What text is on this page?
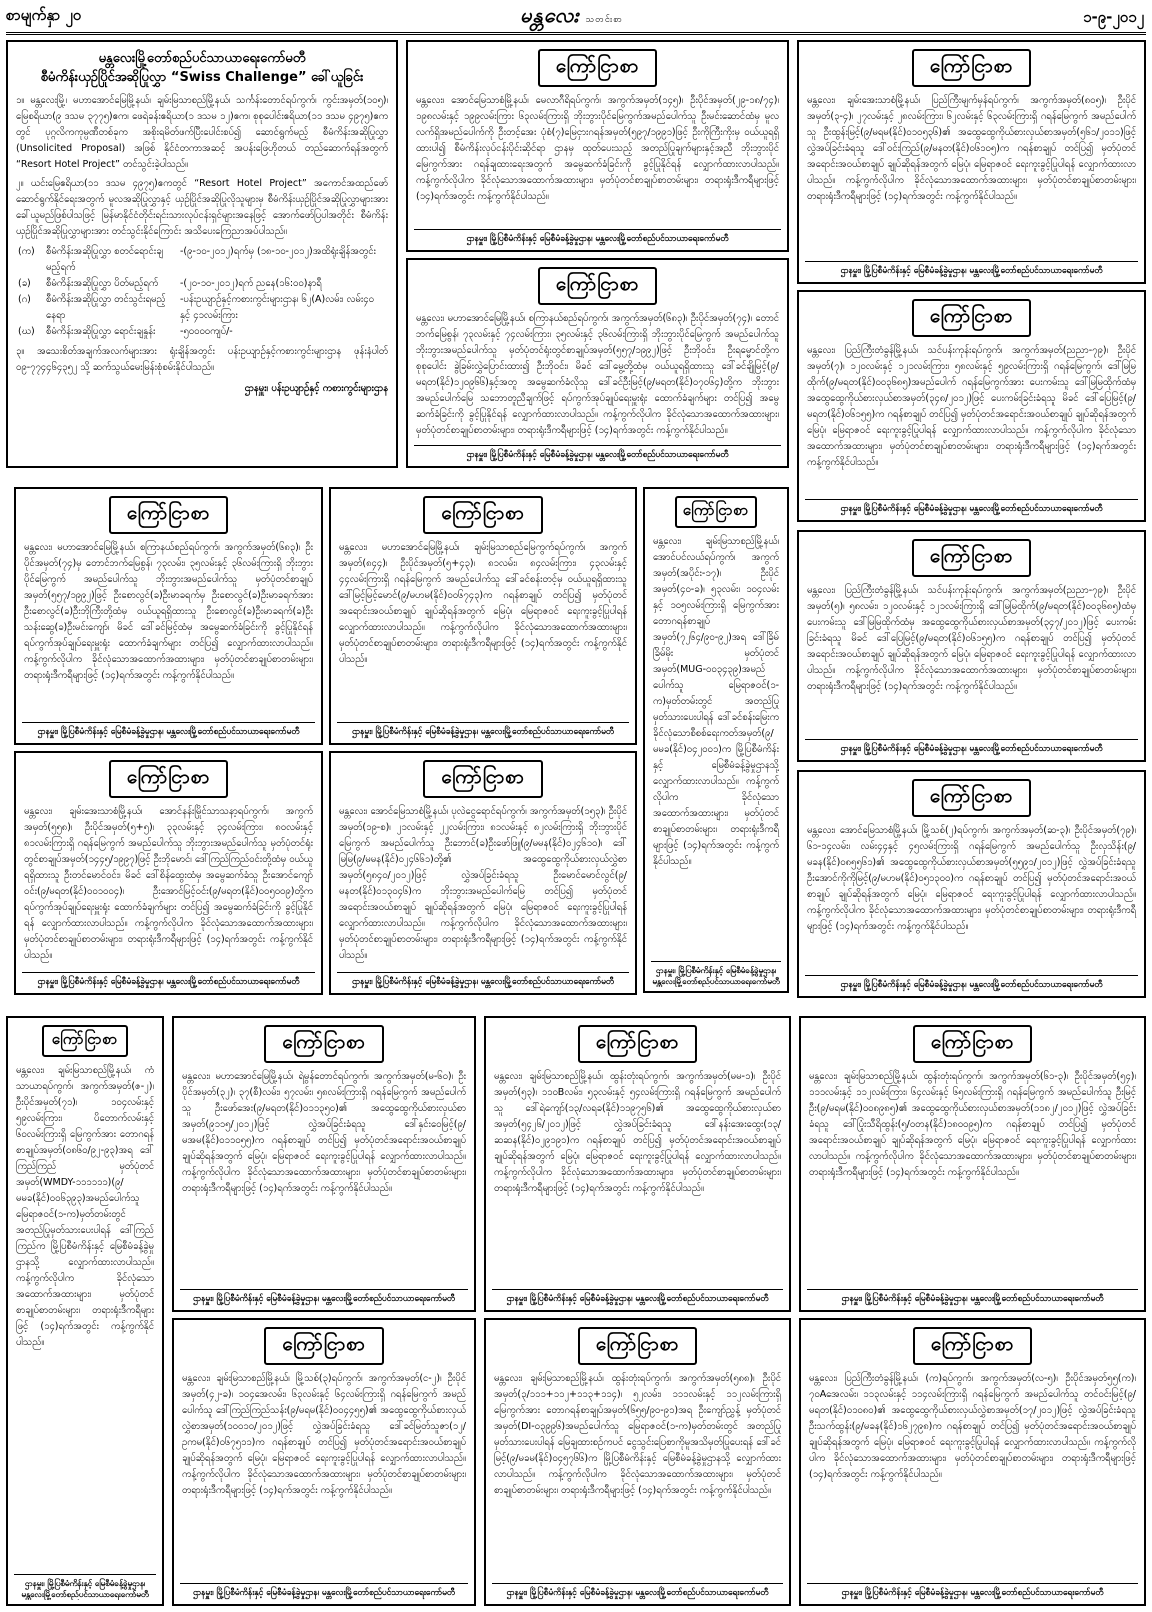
စာမျက်နှာ ၂၀	မန္တလေး သတင်းစာ	၁-၉-၂၀၁၂
မန္တလေးမြို့တော်စည်ပင်သာယာရေးကော်မတီ
စီမံကိန်းယှဉ်ပြိုင်အဆိုပြုလွှာ “Swiss Challenge” ခေါ်ယူခြင်း

၁။ မန္တလေးမြို့၊ မဟာအောင်မြေမြို့နယ်၊ ချမ်းမြသာစည်မြို့နယ်၊ သင်္ကန်းတောင်ရပ်ကွက်၊ ကွင်းအမှတ်(၁၀၅)၊ မြေစရိယာ(၉ ဒသမ ၃၇၇၅)ဧက၊ ဖေရဲခန်းဧရိယာ(၁ ဒသမ ၁၂)ဧက၊ စုစုပေါင်းဧရိယာ(၁၁ ဒသမ ၄၉၇၅)ဧကတွင် ပုဂ္ဂလိကကုမ္ပဏီတစ်ခုက အစိုးရမိတ်ဖက်ပြီးပေါင်းစပ်၍ ဆောင်ရွက်မည့် စီမံကိန်းအဆိုပြုလွှာ (Unsolicited Proposal) အဖြစ် နိုင်ငံတကာအဆင့် အပန်းဖြေဟိုတယ် တည်ဆောက်ရန်အတွက် “Resort Hotel Project” တင်သွင်းခဲ့ပါသည်။

၂။ ယင်းမြေဧရိယာ(၁၁ ဒသမ ၄၉၇၅)ဧကတွင် “Resort Hotel Project” အကောင်အထည်ဖော်ဆောင်ရွက်နိုင်ရေးအတွက် မူလအဆိုပြုလွှာနှင့် ယှဉ်ပြိုင်အဆိုပြုလိုသူများမှ စီမံကိန်းယှဉ်ပြိုင်အဆိုပြုလွှာများအား ခေါ်ယူမည်ဖြစ်ပါသဖြင့် မြန်မာနိုင်ငံတိုင်းရင်းသားလုပ်ငန်းရှင်များအနေဖြင့် အောက်ဖော်ပြပါအတိုင်း စီမံကိန်းယှဉ်ပြိုင်အဆိုပြုလွှာများအား တင်သွင်းနိုင်ကြောင်း အသိပေးကြေညာအပ်ပါသည်။

(က)	စီမံကိန်းအဆိုပြုလွှာ စတင်ရောင်းချမည့်ရက်	-(၉-၁၀-၂၀၁၂)ရက်မှ (၁၈-၁၀-၂၀၁၂)အထိရုံးချိန်အတွင်း
(ခ)	စီမံကိန်းအဆိုပြုလွှာ ပိတ်မည့်ရက်	-(၂၀-၁၀-၂၀၁၂)ရက် ညနေ(၁၆:၀၀)နာရီ
(ဂ)	စီမံကိန်းအဆိုပြုလွှာ တင်သွင်းရမည့်နေရာ	-ပန်းဥယျာဉ်နှင့်ကစားကွင်းများဌာန၊ ၆၂(A)လမ်း၊ လမ်း၄၀ နှင့် ၄၁လမ်းကြား
(ဃ)	စီမံကိန်းအဆိုပြုလွှာ ရောင်းချနှုန်း	-၅၀၀၀၀ကျပ်/-

၃။ အသေးစိတ်အချက်အလက်များအား ရုံးချိန်အတွင်း ပန်းဥယျာဉ်နှင့်ကစားကွင်းများဌာန ဖုန်းနံပါတ် ၀၉-၇၇၄၄၆၄၃၅၂ သို့ ဆက်သွယ်မေးမြန်းစုံစမ်းနိုင်ပါသည်။

ဌာနမှူး၊ ပန်းဥယျာဉ်နှင့် ကစားကွင်းများဌာန
ကြော်ငြာစာ

မန္တလေး၊ အောင်မြေသာစံမြို့နယ်၊ မေလာဂီရိရပ်ကွက်၊ အကွက်အမှတ်(၁၄၅)၊ ဦးပိုင်အမှတ်(၂၉-၁၈/၇၄)၊ ၁၉၈လမ်းနှင့် ၁၉၉လမ်းကြား ၆၃လမ်းကြားရှိ ဘိုးဘွားပိုင်မြေကွက်အမည်ပေါက်သူ ဦးမင်းဆောင်ထံမှ မူလလက်ရှိအမည်ပေါက်ကို ဦးတင့်အေး ပုံစံ(၇)မြေငှားဂရန်အမှတ်(၅၉၇/၁၉၉၁)ဖြင့် ဦးကိုကြီးကိုးမှ ဝယ်ယူရရှိထားပါ၍ စီမံကိန်းလုပ်ငန်းပိုင်းဆိုင်ရာ ဌာနမှ ထုတ်ပေးသည့် အတည်ပြုချက်များနှင့်အညီ ဘိုးဘွားပိုင်မြေကွက်အား ဂရန်ချထားရေးအတွက် အမွေဆက်ခံခြင်းကို ခွင့်ပြုနိုင်ရန် လျှောက်ထားလာပါသည်။ ကန့်ကွက်လိုပါက ခိုင်လုံသောအထောက်အထားများ၊ မှတ်ပုံတင်စာချုပ်စာတမ်းများ၊ တရားရုံးဒီကရီများဖြင့် (၁၄)ရက်အတွင်း ကန့်ကွက်နိုင်ပါသည်။

ဌာနမှူး၊ မြို့ပြစီမံကိန်းနှင့် မြေစီမံခန့်ခွဲမှုဌာန၊ မန္တလေးမြို့တော်စည်ပင်သာယာရေးကော်မတီ
ကြော်ငြာစာ

မန္တလေး၊ ချမ်းအေးသာစံမြို့နယ်၊ ပြည်ကြီးမျက်မှန်ရပ်ကွက်၊ အကွက်အမှတ်(၈၀၅)၊ ဦးပိုင်အမှတ်(၃-၄)၊ ၂၇လမ်းနှင့် ၂၈လမ်းကြား၊ ၆၂လမ်းနှင့် ၆၃လမ်းကြားရှိ ဂရန်မြေကွက် အမည်ပေါက်သူ ဦးထွန်းမြင့်(၉/မရမ(နိုင်)၀၁၀၅၃၆)၏ အထွေထွေကိုယ်စားလှယ်စာအမှတ်(၅၆၁/၂၀၁၁)ဖြင့် လွှဲအပ်ခြင်းခံရသူ ဒေါ်ဝင်းကြည်(၉/မနတ(နိုင်)၀၆၁၀၅)က ဂရန်စာချုပ် တင်ပြ၍ မှတ်ပုံတင်အရောင်းအဝယ်စာချုပ် ချုပ်ဆိုရန်အတွက် မြေပုံ၊ မြေရာဇဝင် ရေးကူးခွင့်ပြုပါရန် လျှောက်ထားလာပါသည်။ ကန့်ကွက်လိုပါက ခိုင်လုံသောအထောက်အထားများ၊ မှတ်ပုံတင်စာချုပ်စာတမ်းများ၊ တရားရုံးဒီကရီများဖြင့် (၁၄)ရက်အတွင်း ကန့်ကွက်နိုင်ပါသည်။

ဌာနမှူး၊ မြို့ပြစီမံကိန်းနှင့် မြေစီမံခန့်ခွဲမှုဌာန၊ မန္တလေးမြို့တော်စည်ပင်သာယာရေးကော်မတီ
ကြော်ငြာစာ

မန္တလေး၊ မဟာအောင်မြေမြို့နယ်၊ စကြာနယ်စည်ရပ်ကွက်၊ အကွက်အမှတ်(၆၈၃)၊ ဦးပိုင်အမှတ်(၇၄)၊ တောင်ဘက်မြေစွန်၊ ၇၃လမ်းနှင့် ၇၄လမ်းကြား၊ ၃၅လမ်းနှင့် ၃၆လမ်းကြားရှိ ဘိုးဘွားပိုင်မြေကွက် အမည်ပေါက်သူ ဘိုးဘွားအမည်ပေါက်သူ မှတ်ပုံတင်ရုံးတွင်စာချုပ်အမှတ်(၅၅၇/၁၉၉၂)ဖြင့် ဦးဘိုဝင်း၊ ဦးရမ္မောင်တို့က စုစုပေါင်း ခွဲခြမ်းလွှဲပြောင်းထား၍ ဦးဘိုဝင်း၊ မိခင် ဒေါ်မွေ့တို့ထံမှ ဝယ်ယူရရှိထားသူ ဒေါ်ခင်ချိုမြင့်(၉/မရတ(နိုင်)၁၂၀၉၆၆)နှင့်အတူ အမွေဆက်ခံလိုသူ ဒေါ်ခင်ဦးမြင့်(၉/မရတ(နိုင်)၀၇၀၆၄)တို့က ဘိုးဘွားအမည်ပေါက်မြေ သဘောတူညီချက်ဖြင့် ရပ်ကွက်အုပ်ချုပ်ရေးမှူးရုံး ထောက်ခံချက်များ တင်ပြ၍ အမွေဆက်ခံခြင်းကို ခွင့်ပြုနိုင်ရန် လျှောက်ထားလာပါသည်။ ကန့်ကွက်လိုပါက ခိုင်လုံသောအထောက်အထားများ၊ မှတ်ပုံတင်စာချုပ်စာတမ်းများ၊ တရားရုံးဒီကရီများဖြင့် (၁၄)ရက်အတွင်း ကန့်ကွက်နိုင်ပါသည်။

ဌာနမှူး၊ မြို့ပြစီမံကိန်းနှင့် မြေစီမံခန့်ခွဲမှုဌာန၊ မန္တလေးမြို့တော်စည်ပင်သာယာရေးကော်မတီ
ကြော်ငြာစာ

မန္တလေး၊ ပြည်ကြီးတံခွန်မြို့နယ်၊ သင်ပန်းကုန်းရပ်ကွက်၊ အကွက်အမှတ်(ညညာ-၇၉)၊ ဦးပိုင်အမှတ်(၇)၊ ၁၂၀လမ်းနှင့် ၁၂၁လမ်းကြား၊ ၅၈လမ်းနှင့် ၅၉လမ်းကြားရှိ ဂရန်မြေကွက်၊ ဒေါ်မြမြထိုက်(၉/မရတ(နိုင်)၀၀၃၆၈၅)အမည်ပေါက် ဂရန်မြေကွက်အား ပေးကမ်းသူ ဒေါ်မြမြထိုက်ထံမှ အထွေထွေကိုယ်စားလှယ်စာအမှတ်(၃၄၈/၂၀၁၂)ဖြင့် ပေးကမ်းခြင်းခံရသူ မိခင် ဒေါ်ပြေမြင့်(၉/မရတ(နိုင်)၀၆၁၅၅)က ဂရန်စာချုပ် တင်ပြ၍ မှတ်ပုံတင်အရောင်းအဝယ်စာချုပ် ချုပ်ဆိုရန်အတွက် မြေပုံ၊ မြေရာဇဝင် ရေးကူးခွင့်ပြုပါရန် လျှောက်ထားလာပါသည်။ ကန့်ကွက်လိုပါက ခိုင်လုံသောအထောက်အထားများ၊ မှတ်ပုံတင်စာချုပ်စာတမ်းများ၊ တရားရုံးဒီကရီများဖြင့် (၁၄)ရက်အတွင်း ကန့်ကွက်နိုင်ပါသည်။

ဌာနမှူး၊ မြို့ပြစီမံကိန်းနှင့် မြေစီမံခန့်ခွဲမှုဌာန၊ မန္တလေးမြို့တော်စည်ပင်သာယာရေးကော်မတီ
ကြော်ငြာစာ

မန္တလေး၊ မဟာအောင်မြေမြို့နယ်၊ စကြာနယ်စည်ရပ်ကွက်၊ အကွက်အမှတ်(၆၈၃)၊ ဦးပိုင်အမှတ်(၇၄)မှ တောင်ဘက်မြေစွန်၊ ၇၃လမ်း၊ ၃၅လမ်းနှင့် ၃၆လမ်းကြားရှိ ဘိုးဘွားပိုင်မြေကွက် အမည်ပေါက်သူ ဘိုးဘွားအမည်ပေါက်သူ မှတ်ပုံတင်စာချုပ်အမှတ်(၅၅၇/၁၉၉၂)ဖြင့် ဦးစောလွင်(ခ)ဦးမာခရက်မှ ဦးစောလွင်(ခ)ဦးမာခရက်အား ဦးစောလွင်(ခ)ဦးဘိုကြီးတို့ထံမှ ဝယ်ယူရရှိထားသူ ဦးစောလွင်(ခ)ဦးမာခရက်(ခ)ဦးသန်းဆွေ(ခ)ဦးမင်းကျော်၊ မိခင် ဒေါ်ခင်မြင့်ထံမှ အမွေဆက်ခံခြင်းကို ခွင့်ပြုနိုင်ရန် ရပ်ကွက်အုပ်ချုပ်ရေးမှူးရုံး ထောက်ခံချက်များ တင်ပြ၍ လျှောက်ထားလာပါသည်။ ကန့်ကွက်လိုပါက ခိုင်လုံသောအထောက်အထားများ၊ မှတ်ပုံတင်စာချုပ်စာတမ်းများ၊ တရားရုံးဒီကရီများဖြင့် (၁၄)ရက်အတွင်း ကန့်ကွက်နိုင်ပါသည်။

ဌာနမှူး၊ မြို့ပြစီမံကိန်းနှင့် မြေစီမံခန့်ခွဲမှုဌာန၊ မန္တလေးမြို့တော်စည်ပင်သာယာရေးကော်မတီ
ကြော်ငြာစာ

မန္တလေး၊ မဟာအောင်မြေမြို့နယ်၊ ချမ်းမြသာစည်မြေကွက်ရပ်ကွက်၊ အကွက်အမှတ်(၈၄၄)၊ ဦးပိုင်အမှတ်(၅+၄၃)၊ ၈၁လမ်း၊ ၈၄လမ်းကြား၊ ၄၃လမ်းနှင့် ၄၄လမ်းကြားရှိ ဂရန်မြေကွက် အမည်ပေါက်သူ ဒေါ်ခင်စန်းတင့်မှ ဝယ်ယူရရှိထားသူ ဒေါ်မြင့်မြင့်မောင်(၉/မဟမ(နိုင်)၀၀၆၇၄၃)က ဂရန်စာချုပ် တင်ပြ၍ မှတ်ပုံတင်အရောင်းအဝယ်စာချုပ် ချုပ်ဆိုရန်အတွက် မြေပုံ၊ မြေရာဇဝင် ရေးကူးခွင့်ပြုပါရန် လျှောက်ထားလာပါသည်။ ကန့်ကွက်လိုပါက ခိုင်လုံသောအထောက်အထားများ၊ မှတ်ပုံတင်စာချုပ်စာတမ်းများ၊ တရားရုံးဒီကရီများဖြင့် (၁၄)ရက်အတွင်း ကန့်ကွက်နိုင်ပါသည်။

ဌာနမှူး၊ မြို့ပြစီမံကိန်းနှင့် မြေစီမံခန့်ခွဲမှုဌာန၊ မန္တလေးမြို့တော်စည်ပင်သာယာရေးကော်မတီ
ကြော်ငြာစာ

မန္တလေး၊ ချမ်းမြသာစည်မြို့နယ်၊ အောင်ပင်လယ်ရပ်ကွက်၊ အကွက်အမှတ်(အပိုင်း-၁၇)၊ ဦးပိုင်အမှတ်(၄၀-ခ)၊ ၅၃လမ်း၊ ၁၀၄လမ်းနှင့် ၁၀၅လမ်းကြားရှိ မြေကွက်အား တောဂရန်စာချုပ်အမှတ်(၇၂၆၄/၉၀-၉၂)အရ ဒေါ်ခြိမ်ခြိမ်မိုး မှတ်ပုံတင်အမှတ်(MUG-၀၀၃၄၃၉)အမည်ပေါက်သူ မြေရာဇဝင်(၁-က)မှတ်တမ်းတွင် အတည်ပြုမှတ်သားပေးပါရန် ဒေါ်ခင်စန်းမြေးက ခိုင်လုံသောစီစစ်ရေးကတ်အမှတ်(၉/မမခ(နိုင်)၀၄၂၀၀၁)က မြို့ပြစီမံကိန်းနှင့် မြေစီမံခန့်ခွဲမှုဌာနသို့ လျှောက်ထားလာပါသည်။ ကန့်ကွက်လိုပါက ခိုင်လုံသောအထောက်အထားများ၊ မှတ်ပုံတင်စာချုပ်စာတမ်းများ၊ တရားရုံးဒီကရီများဖြင့် (၁၄)ရက်အတွင်း ကန့်ကွက်နိုင်ပါသည်။

ဌာနမှူး၊ မြို့ပြစီမံကိန်းနှင့် မြေစီမံခန့်ခွဲမှုဌာန၊ မန္တလေးမြို့တော်စည်ပင်သာယာရေးကော်မတီ
ကြော်ငြာစာ

မန္တလေး၊ ပြည်ကြီးတံခွန်မြို့နယ်၊ သင်ပန်းကုန်းရပ်ကွက်၊ အကွက်အမှတ်(ညညာ-၇၉)၊ ဦးပိုင်အမှတ်(၅)၊ ၅၈လမ်း၊ ၁၂၀လမ်းနှင့် ၁၂၁လမ်းကြားရှိ ဒေါ်မြမြထိုက်(၉/မရတ(နိုင်)၀၀၃၆၈၅)ထံမှ ပေးကမ်းသူ ဒေါ်မြမြထိုက်ထံမှ အထွေထွေကိုယ်စားလှယ်စာအမှတ်(၃၄၇/၂၀၁၂)ဖြင့် ပေးကမ်းခြင်းခံရသူ မိခင် ဒေါ်ပြေမြင့်(၉/မရတ(နိုင်)၀၆၁၅၅)က ဂရန်စာချုပ် တင်ပြ၍ မှတ်ပုံတင်အရောင်းအဝယ်စာချုပ် ချုပ်ဆိုရန်အတွက် မြေပုံ၊ မြေရာဇဝင် ရေးကူးခွင့်ပြုပါရန် လျှောက်ထားလာပါသည်။ ကန့်ကွက်လိုပါက ခိုင်လုံသောအထောက်အထားများ၊ မှတ်ပုံတင်စာချုပ်စာတမ်းများ၊ တရားရုံးဒီကရီများဖြင့် (၁၄)ရက်အတွင်း ကန့်ကွက်နိုင်ပါသည်။

ဌာနမှူး၊ မြို့ပြစီမံကိန်းနှင့် မြေစီမံခန့်ခွဲမှုဌာန၊ မန္တလေးမြို့တော်စည်ပင်သာယာရေးကော်မတီ
ကြော်ငြာစာ

မန္တလေး၊ ချမ်းအေးသာစံမြို့နယ်၊ အောင်နန်းမြိုင်သာသနာ့ရပ်ကွက်၊ အကွက်အမှတ်(၅၅၈)၊ ဦးပိုင်အမှတ်(၅+၅)၊ ၃၃လမ်းနှင့် ၃၄လမ်းကြား၊ ၈၀လမ်းနှင့် ၈၁လမ်းကြားရှိ ဂရန်မြေကွက် အမည်ပေါက်သူ ဘိုးဘွားအမည်ပေါက်သူ မှတ်ပုံတင်ရုံးတွင်စာချုပ်အမှတ်(၁၄၄၅/၁၉၉၇)ဖြင့် ဦးဘိုမောင်၊ ဒေါ်ကြည်ကြည်ဝင်းတို့ထံမှ ဝယ်ယူရရှိထားသူ ဦးတင်မောင်ဝင်း၊ မိခင် ဒေါ်စိန်ထွေးထံမှ အမွေဆက်ခံသူ ဦးအောင်ကျော်ဝင်း(၉/မရတ(နိုင်)၀၀၁၀၀၄)၊ ဦးအောင်မြင့်ဝင်း(၉/မရတ(နိုင်)၀၀၅၀၀၉)တို့က ရပ်ကွက်အုပ်ချုပ်ရေးမှူးရုံး ထောက်ခံချက်များ တင်ပြ၍ အမွေဆက်ခံခြင်းကို ခွင့်ပြုနိုင်ရန် လျှောက်ထားလာပါသည်။ ကန့်ကွက်လိုပါက ခိုင်လုံသောအထောက်အထားများ၊ မှတ်ပုံတင်စာချုပ်စာတမ်းများ၊ တရားရုံးဒီကရီများဖြင့် (၁၄)ရက်အတွင်း ကန့်ကွက်နိုင်ပါသည်။

ဌာနမှူး၊ မြို့ပြစီမံကိန်းနှင့် မြေစီမံခန့်ခွဲမှုဌာန၊ မန္တလေးမြို့တော်စည်ပင်သာယာရေးကော်မတီ
ကြော်ငြာစာ

မန္တလေး၊ အောင်မြေသာစံမြို့နယ်၊ ပုလဲငွေရောင်ရပ်ကွက်၊ အကွက်အမှတ်(၁၅၃)၊ ဦးပိုင်အမှတ်(၁၉-စ)၊ ၂၁လမ်းနှင့် ၂၂လမ်းကြား၊ ၈၁လမ်းနှင့် ၈၂လမ်းကြားရှိ ဘိုးဘွားပိုင်မြေကွက် အမည်ပေါက်သူ ဦးဘောင်(ခ)ဦးဖော်ဖြူ(၉/မမန(နိုင်)၀၂၄၆၁၀)၊ ဒေါ်မြမြ(၉/မမန(နိုင်)၀၂၄၆၆၁)တို့၏ အထွေထွေကိုယ်စားလှယ်လွှဲစာအမှတ်(၅၈၄၀/၂၀၁၂)ဖြင့် လွှဲအပ်ခြင်းခံရသူ ဦးမောင်မောင်လွင်(၉/မနတ(နိုင်)၀၁၃၀၄၆)က ဘိုးဘွားအမည်ပေါက်မြေ တင်ပြ၍ မှတ်ပုံတင်အရောင်းအဝယ်စာချုပ် ချုပ်ဆိုရန်အတွက် မြေပုံ၊ မြေရာဇဝင် ရေးကူးခွင့်ပြုပါရန် လျှောက်ထားလာပါသည်။ ကန့်ကွက်လိုပါက ခိုင်လုံသောအထောက်အထားများ၊ မှတ်ပုံတင်စာချုပ်စာတမ်းများ၊ တရားရုံးဒီကရီများဖြင့် (၁၄)ရက်အတွင်း ကန့်ကွက်နိုင်ပါသည်။

ဌာနမှူး၊ မြို့ပြစီမံကိန်းနှင့် မြေစီမံခန့်ခွဲမှုဌာန၊ မန္တလေးမြို့တော်စည်ပင်သာယာရေးကော်မတီ
ကြော်ငြာစာ

မန္တလေး၊ အောင်မြေသာစံမြို့နယ်၊ မြို့သစ်(၂)ရပ်ကွက်၊ အကွက်အမှတ်(ဆ-၃)၊ ဦးပိုင်အမှတ်(၇၉)၊ ၆၁-၁၄လမ်း၊ လမ်း၄၄နှင့် ၄၅လမ်းကြားရှိ ဂရန်မြေကွက် အမည်ပေါက်သူ ဦးလှသိန်း(၉/မခန(နိုင်)၀၈၅၅၆၁)၏ အထွေထွေကိုယ်စားလှယ်စာအမှတ်(၅၅၉၁/၂၀၁၂)ဖြင့် လွှဲအပ်ခြင်းခံရသူ ဦးအောင်ကိုကိုမြင့်(၉/မဟမ(နိုင်)၀၅၁၃၀၀)က ဂရန်စာချုပ် တင်ပြ၍ မှတ်ပုံတင်အရောင်းအဝယ်စာချုပ် ချုပ်ဆိုရန်အတွက် မြေပုံ၊ မြေရာဇဝင် ရေးကူးခွင့်ပြုပါရန် လျှောက်ထားလာပါသည်။ ကန့်ကွက်လိုပါက ခိုင်လုံသောအထောက်အထားများ၊ မှတ်ပုံတင်စာချုပ်စာတမ်းများ၊ တရားရုံးဒီကရီများဖြင့် (၁၄)ရက်အတွင်း ကန့်ကွက်နိုင်ပါသည်။

ဌာနမှူး၊ မြို့ပြစီမံကိန်းနှင့် မြေစီမံခန့်ခွဲမှုဌာန၊ မန္တလေးမြို့တော်စည်ပင်သာယာရေးကော်မတီ
ကြော်ငြာစာ

မန္တလေး၊ ချမ်းမြသာစည်မြို့နယ်၊ ကံသာယာရပ်ကွက်၊ အကွက်အမှတ်(ဇ-၂)၊ ဦးပိုင်အမှတ်(၇၁)၊ ၁၀၄လမ်းနှင့် ၅၉လမ်းကြား၊ ပိတောက်လမ်းနှင့် ၆၀လမ်းကြားရှိ မြေကွက်အား တောဂရန်စာချုပ်အမှတ်(၀၈၆၀/၉၂-၉၃)အရ ဒေါ်ကြည်ကြည် မှတ်ပုံတင်အမှတ်(WMDY-၁၁၁၁၁၁)(၉/မမခ(နိုင်)၀၀၆၃၉၃)အမည်ပေါက်သူ မြေရာဇဝင်(၁-က)မှတ်တမ်းတွင် အတည်ပြုမှတ်သားပေးပါရန် ဒေါ်ကြည်ကြည်က မြို့ပြစီမံကိန်းနှင့် မြေစီမံခန့်ခွဲမှုဌာနသို့ လျှောက်ထားလာပါသည်။ ကန့်ကွက်လိုပါက ခိုင်လုံသောအထောက်အထားများ၊ မှတ်ပုံတင်စာချုပ်စာတမ်းများ၊ တရားရုံးဒီကရီများဖြင့် (၁၄)ရက်အတွင်း ကန့်ကွက်နိုင်ပါသည်။

ဌာနမှူး၊ မြို့ပြစီမံကိန်းနှင့် မြေစီမံခန့်ခွဲမှုဌာန၊ မန္တလေးမြို့တော်စည်ပင်သာယာရေးကော်မတီ
ကြော်ငြာစာ

မန္တလေး၊ မဟာအောင်မြေမြို့နယ်၊ ရဲမွန်တောင်ရပ်ကွက်၊ အကွက်အမှတ်(မ-၆၀)၊ ဦးပိုင်အမှတ်(၃၂)၊ ၃၇(စီ)လမ်း၊ ၅၇လမ်း၊ ၅၈လမ်းကြားရှိ ဂရန်မြေကွက် အမည်ပေါက်သူ ဦးဖော်အေး(၉/မရတ(နိုင်)၀၁၁၃၅၀)၏ အထွေထွေကိုယ်စားလှယ်စာအမှတ်(၉၁၁၅/၂၀၁၂)ဖြင့် လွှဲအပ်ခြင်းခံရသူ ဒေါ်နှင်းဝေမြင့်(၉/မအမ(နိုင်)၀၁၁၀၅၅)က ဂရန်စာချုပ် တင်ပြ၍ မှတ်ပုံတင်အရောင်းအဝယ်စာချုပ် ချုပ်ဆိုရန်အတွက် မြေပုံ၊ မြေရာဇဝင် ရေးကူးခွင့်ပြုပါရန် လျှောက်ထားလာပါသည်။ ကန့်ကွက်လိုပါက ခိုင်လုံသောအထောက်အထားများ၊ မှတ်ပုံတင်စာချုပ်စာတမ်းများ၊ တရားရုံးဒီကရီများဖြင့် (၁၄)ရက်အတွင်း ကန့်ကွက်နိုင်ပါသည်။

ဌာနမှူး၊ မြို့ပြစီမံကိန်းနှင့် မြေစီမံခန့်ခွဲမှုဌာန၊ မန္တလေးမြို့တော်စည်ပင်သာယာရေးကော်မတီ
ကြော်ငြာစာ

မန္တလေး၊ ချမ်းမြသာစည်မြို့နယ်၊ ထွန်းတုံးရပ်ကွက်၊ အကွက်အမှတ်(မမ-၁)၊ ဦးပိုင်အမှတ်(၅၃)၊ ၁၁၀Bလမ်း၊ ၅၃လမ်းနှင့် ၅၄လမ်းကြားရှိ ဂရန်မြေကွက် အမည်ပေါက်သူ ဒေါ်ရဲကျော်(၁၃/လရခ(နိုင်)၁၁၉၇၅၆)၏ အထွေထွေကိုယ်စားလှယ်စာအမှတ်(၅၄၂၆/၂၀၁၂)ဖြင့် လွှဲအပ်ခြင်းခံရသူ ဒေါ်နန်းအေးထွေး(၁၃/ဆဆန(နိုင်)၀၂၉၁၉၁)က ဂရန်စာချုပ် တင်ပြ၍ မှတ်ပုံတင်အရောင်းအဝယ်စာချုပ် ချုပ်ဆိုရန်အတွက် မြေပုံ၊ မြေရာဇဝင် ရေးကူးခွင့်ပြုပါရန် လျှောက်ထားလာပါသည်။ ကန့်ကွက်လိုပါက ခိုင်လုံသောအထောက်အထားများ၊ မှတ်ပုံတင်စာချုပ်စာတမ်းများ၊ တရားရုံးဒီကရီများဖြင့် (၁၄)ရက်အတွင်း ကန့်ကွက်နိုင်ပါသည်။

ဌာနမှူး၊ မြို့ပြစီမံကိန်းနှင့် မြေစီမံခန့်ခွဲမှုဌာန၊ မန္တလေးမြို့တော်စည်ပင်သာယာရေးကော်မတီ
ကြော်ငြာစာ

မန္တလေး၊ ချမ်းမြသာစည်မြို့နယ်၊ ထွန်းတုံးရပ်ကွက်၊ အကွက်အမှတ်(၆၁-၃)၊ ဦးပိုင်အမှတ်(၅၄)၊ ၁၁၁လမ်းနှင့် ၁၁၂လမ်းကြား၊ ၆၄လမ်းနှင့် ၆၅လမ်းကြားရှိ ဂရန်မြေကွက် အမည်ပေါက်သူ ဦးမြင့်ဦး(၉/မရမ(နိုင်)၀၀၈၉၈၅)၏ အထွေထွေကိုယ်စားလှယ်စာအမှတ်(၁၁၈၂/၂၀၁၂)ဖြင့် လွှဲအပ်ခြင်းခံရသူ ဒေါ်ပြုံးသီရိထွန်း(၅/ဝတန(နိုင်)၁၈၀၀၉၅)က ဂရန်စာချုပ် တင်ပြ၍ မှတ်ပုံတင်အရောင်းအဝယ်စာချုပ် ချုပ်ဆိုရန်အတွက် မြေပုံ၊ မြေရာဇဝင် ရေးကူးခွင့်ပြုပါရန် လျှောက်ထားလာပါသည်။ ကန့်ကွက်လိုပါက ခိုင်လုံသောအထောက်အထားများ၊ မှတ်ပုံတင်စာချုပ်စာတမ်းများ၊ တရားရုံးဒီကရီများဖြင့် (၁၄)ရက်အတွင်း ကန့်ကွက်နိုင်ပါသည်။

ဌာနမှူး၊ မြို့ပြစီမံကိန်းနှင့် မြေစီမံခန့်ခွဲမှုဌာန၊ မန္တလေးမြို့တော်စည်ပင်သာယာရေးကော်မတီ
ကြော်ငြာစာ

မန္တလေး၊ ချမ်းမြသာစည်မြို့နယ်၊ မြို့သစ်(၃)ရပ်ကွက်၊ အကွက်အမှတ်(င-၂)၊ ဦးပိုင်အမှတ်(၄၂-ခ)၊ ၁၀၄အေလမ်း၊ ၆၃လမ်းနှင့် ၆၄လမ်းကြားရှိ ဂရန်မြေကွက် အမည်ပေါက်သူ ဒေါ်ကြည်ကြည်သန်း(၉/မရမ(နိုင်)၀၀၄၄၅၅)၏ အထွေထွေကိုယ်စားလှယ်လွှဲစာအမှတ်(၁၀၀၁၀/၂၀၁၂)ဖြင့် လွှဲအပ်ခြင်းခံရသူ ဒေါ်ခင်မြတ်သူဇာ(၁၂/ဥကမ(နိုင်)၀၆၇၅၁၁)က ဂရန်စာချုပ် တင်ပြ၍ မှတ်ပုံတင်အရောင်းအဝယ်စာချုပ် ချုပ်ဆိုရန်အတွက် မြေပုံ၊ မြေရာဇဝင် ရေးကူးခွင့်ပြုပါရန် လျှောက်ထားလာပါသည်။ ကန့်ကွက်လိုပါက ခိုင်လုံသောအထောက်အထားများ၊ မှတ်ပုံတင်စာချုပ်စာတမ်းများ၊ တရားရုံးဒီကရီများဖြင့် (၁၄)ရက်အတွင်း ကန့်ကွက်နိုင်ပါသည်။

ဌာနမှူး၊ မြို့ပြစီမံကိန်းနှင့် မြေစီမံခန့်ခွဲမှုဌာန၊ မန္တလေးမြို့တော်စည်ပင်သာယာရေးကော်မတီ
ကြော်ငြာစာ

မန္တလေး၊ ချမ်းမြသာစည်မြို့နယ်၊ ထွန်းတုံးရပ်ကွက်၊ အကွက်အမှတ်(၅၈၈)၊ ဦးပိုင်အမှတ်(၃/၁၁၁+၁၁၂+၁၁၃+၁၁၄)၊ ၅၂လမ်း၊ ၁၁၁လမ်းနှင့် ၁၁၂လမ်းကြားရှိ မြေကွက်အား တောဂရန်စာချုပ်အမှတ်(၆၅၅/၉၀-၉၁)အရ ဦးကျော်ညွှန့် မှတ်ပုံတင်အမှတ်(DI-၀၃၉၉၆)အမည်ပေါက်သူ မြေရာဇဝင်(၁-က)မှတ်တမ်းတွင် အတည်ပြုမှတ်သားပေးပါရန် မြေချထားစဉ်ကပင် ငွေသွင်းပြေစာကိုမူအသိမှတ်ပြုပေးရန် ဒေါ်ခင်မြင့်(၉/မခမ(နိုင်)၀၄၅၇၆၆)က မြို့ပြစီမံကိန်းနှင့် မြေစီမံခန့်ခွဲမှုဌာနသို့ လျှောက်ထားလာပါသည်။ ကန့်ကွက်လိုပါက ခိုင်လုံသောအထောက်အထားများ၊ မှတ်ပုံတင်စာချုပ်စာတမ်းများ၊ တရားရုံးဒီကရီများဖြင့် (၁၄)ရက်အတွင်း ကန့်ကွက်နိုင်ပါသည်။

ဌာနမှူး၊ မြို့ပြစီမံကိန်းနှင့် မြေစီမံခန့်ခွဲမှုဌာန၊ မန္တလေးမြို့တော်စည်ပင်သာယာရေးကော်မတီ
ကြော်ငြာစာ

မန္တလေး၊ ပြည်ကြီးတံခွန်မြို့နယ်၊ (က)ရပ်ကွက်၊ အကွက်အမှတ်(လ-၅)၊ ဦးပိုင်အမှတ်၅၅(က)၊ ၇၀Aအေလမ်း၊ ၁၁၃လမ်းနှင့် ၁၁၄လမ်းကြားရှိ ဂရန်မြေကွက် အမည်ပေါက်သူ တင်ဝင်းမြင့်(၉/မရတ(နိုင်)၀၁၀၈၀)၏ အထွေထွေကိုယ်စားလှယ်လွှဲစာအမှတ်(၁၇/၂၀၁၂)ဖြင့် လွှဲအပ်ခြင်းခံရသူ ဦးသက်ထွန်း(၉/မခန(နိုင်)၁၆၂၇၉၈)က ဂရန်စာချုပ် တင်ပြ၍ မှတ်ပုံတင်အရောင်းအဝယ်စာချုပ် ချုပ်ဆိုရန်အတွက် မြေပုံ၊ မြေရာဇဝင် ရေးကူးခွင့်ပြုပါရန် လျှောက်ထားလာပါသည်။ ကန့်ကွက်လိုပါက ခိုင်လုံသောအထောက်အထားများ၊ မှတ်ပုံတင်စာချုပ်စာတမ်းများ၊ တရားရုံးဒီကရီများဖြင့် (၁၄)ရက်အတွင်း ကန့်ကွက်နိုင်ပါသည်။

ဌာနမှူး၊ မြို့ပြစီမံကိန်းနှင့် မြေစီမံခန့်ခွဲမှုဌာန၊ မန္တလေးမြို့တော်စည်ပင်သာယာရေးကော်မတီ
